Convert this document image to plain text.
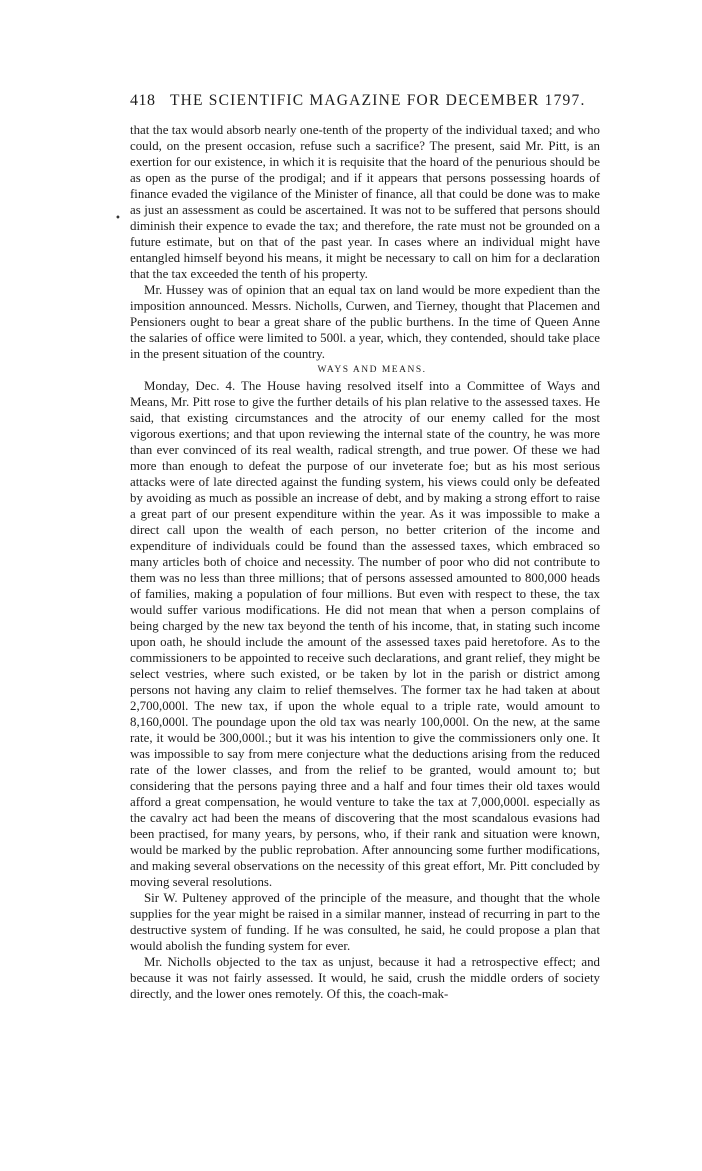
418 THE SCIENTIFIC MAGAZINE FOR DECEMBER 1797.
•

that the tax would absorb nearly one-tenth of the property of the individual taxed; and who could, on the present occasion, refuse such a sacrifice? The present, said Mr. Pitt, is an exertion for our existence, in which it is requisite that the hoard of the penurious should be as open as the purse of the prodigal; and if it appears that persons possessing hoards of finance evaded the vigilance of the Minister of finance, all that could be done was to make as just an assessment as could be ascertained. It was not to be suffered that persons should diminish their expence to evade the tax; and therefore, the rate must not be grounded on a future estimate, but on that of the past year. In cases where an individual might have entangled himself beyond his means, it might be necessary to call on him for a declaration that the tax exceeded the tenth of his property.

Mr. Hussey was of opinion that an equal tax on land would be more expedient than the imposition announced. Messrs. Nicholls, Curwen, and Tierney, thought that Placemen and Pensioners ought to bear a great share of the public burthens. In the time of Queen Anne the salaries of office were limited to 500l. a year, which, they contended, should take place in the present situation of the country.

WAYS AND MEANS.

Monday, Dec. 4. The House having resolved itself into a Committee of Ways and Means, Mr. Pitt rose to give the further details of his plan relative to the assessed taxes. He said, that existing circumstances and the atrocity of our enemy called for the most vigorous exertions; and that upon reviewing the internal state of the country, he was more than ever convinced of its real wealth, radical strength, and true power. Of these we had more than enough to defeat the purpose of our inveterate foe; but as his most serious attacks were of late directed against the funding system, his views could only be defeated by avoiding as much as possible an increase of debt, and by making a strong effort to raise a great part of our present expenditure within the year. As it was impossible to make a direct call upon the wealth of each person, no better criterion of the income and expenditure of individuals could be found than the assessed taxes, which embraced so many articles both of choice and necessity. The number of poor who did not contribute to them was no less than three millions; that of persons assessed amounted to 800,000 heads of families, making a population of four millions. But even with respect to these, the tax would suffer various modifications. He did not mean that when a person complains of being charged by the new tax beyond the tenth of his income, that, in stating such income upon oath, he should include the amount of the assessed taxes paid heretofore. As to the commissioners to be appointed to receive such declarations, and grant relief, they might be select vestries, where such existed, or be taken by lot in the parish or district among persons not having any claim to relief themselves. The former tax he had taken at about 2,700,000l. The new tax, if upon the whole equal to a triple rate, would amount to 8,160,000l. The poundage upon the old tax was nearly 100,000l. On the new, at the same rate, it would be 300,000l.; but it was his intention to give the commissioners only one. It was impossible to say from mere conjecture what the deductions arising from the reduced rate of the lower classes, and from the relief to be granted, would amount to; but considering that the persons paying three and a half and four times their old taxes would afford a great compensation, he would venture to take the tax at 7,000,000l. especially as the cavalry act had been the means of discovering that the most scandalous evasions had been practised, for many years, by persons, who, if their rank and situation were known, would be marked by the public reprobation. After announcing some further modifications, and making several observations on the necessity of this great effort, Mr. Pitt concluded by moving several resolutions.

Sir W. Pulteney approved of the principle of the measure, and thought that the whole supplies for the year might be raised in a similar manner, instead of recurring in part to the destructive system of funding. If he was consulted, he said, he could propose a plan that would abolish the funding system for ever.

Mr. Nicholls objected to the tax as unjust, because it had a retrospective effect; and because it was not fairly assessed. It would, he said, crush the middle orders of society directly, and the lower ones remotely. Of this, the coach-mak-
